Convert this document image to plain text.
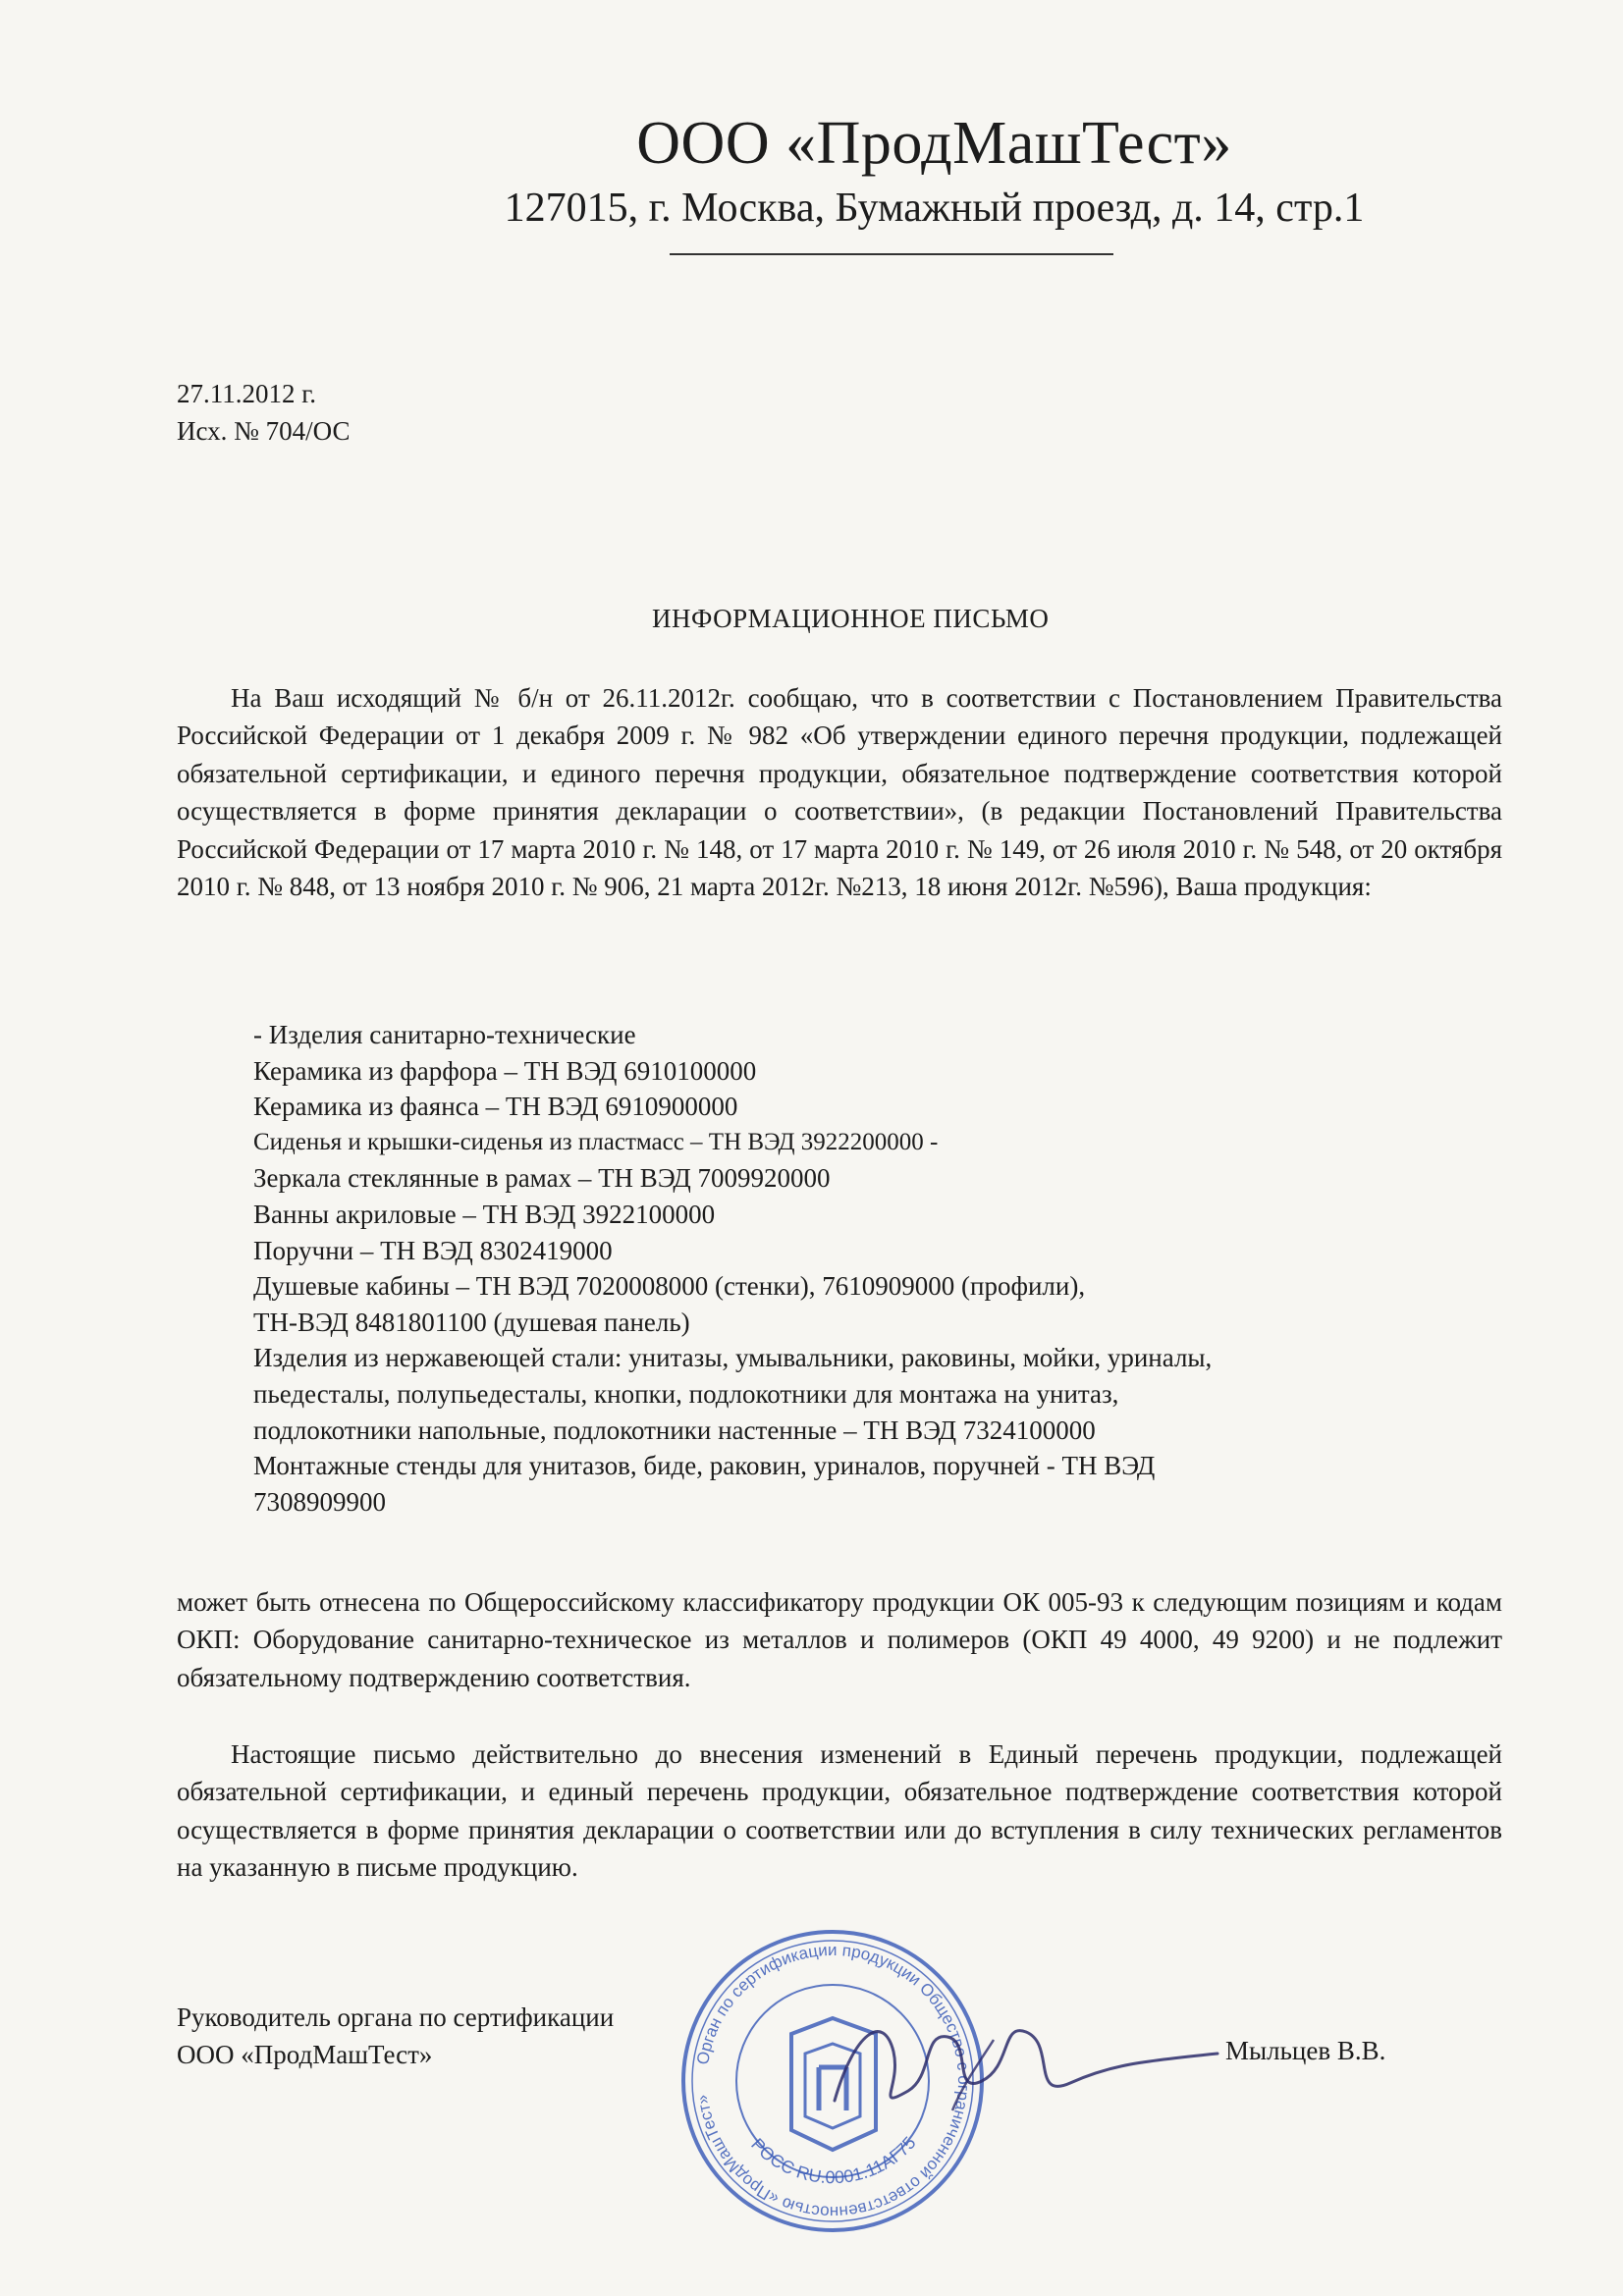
ООО «ПродМашТест»
127015, г. Москва, Бумажный проезд, д. 14, стр.1
27.11.2012 г.
Исх. № 704/ОС
ИНФОРМАЦИОННОЕ ПИСЬМО
На Ваш исходящий № б/н от 26.11.2012г. сообщаю, что в соответствии с Постановлением Правительства Российской Федерации от 1 декабря 2009 г. № 982 «Об утверждении единого перечня продукции, подлежащей обязательной сертификации, и единого перечня продукции, обязательное подтверждение соответствия которой осуществляется в форме принятия декларации о соответствии», (в редакции Постановлений Правительства Российской Федерации от 17 марта 2010 г. № 148, от 17 марта 2010 г. № 149, от 26 июля 2010 г. № 548, от 20 октября 2010 г. № 848, от 13 ноября 2010 г. № 906, 21 марта 2012г. №213, 18 июня 2012г. №596), Ваша продукция:
- Изделия санитарно-технические
Керамика из фарфора – ТН ВЭД 6910100000
Керамика из фаянса – ТН ВЭД 6910900000
Сиденья и крышки-сиденья из пластмасс – ТН ВЭД 3922200000 -
Зеркала стеклянные в рамах – ТН ВЭД 7009920000
Ванны акриловые – ТН ВЭД 3922100000
Поручни – ТН ВЭД 8302419000
Душевые кабины – ТН ВЭД 7020008000 (стенки), 7610909000 (профили),
ТН-ВЭД 8481801100 (душевая панель)
Изделия из нержавеющей стали: унитазы, умывальники, раковины, мойки, уриналы,
пьедесталы, полупьедесталы, кнопки, подлокотники для монтажа на унитаз,
подлокотники напольные, подлокотники настенные – ТН ВЭД 7324100000
Монтажные стенды для унитазов, биде, раковин, уриналов, поручней - ТН ВЭД
7308909900
может быть отнесена по Общероссийскому классификатору продукции ОК 005-93 к следующим позициям и кодам ОКП: Оборудование санитарно-техническое из металлов и полимеров (ОКП 49 4000, 49 9200) и не подлежит обязательному подтверждению соответствия.
Настоящие письмо действительно до внесения изменений в Единый перечень продукции, подлежащей обязательной сертификации, и единый перечень продукции, обязательное подтверждение соответствия которой осуществляется в форме принятия декларации о соответствии или до вступления в силу технических регламентов на указанную в письме продукцию.
Руководитель органа по сертификации
ООО «ПродМашТест»	Орган по сертификации продукции Общество с ограниченной ответственностью «ПродМашТест»
РОСС RU.0001.11АГ75
Мыльцев В.В.
